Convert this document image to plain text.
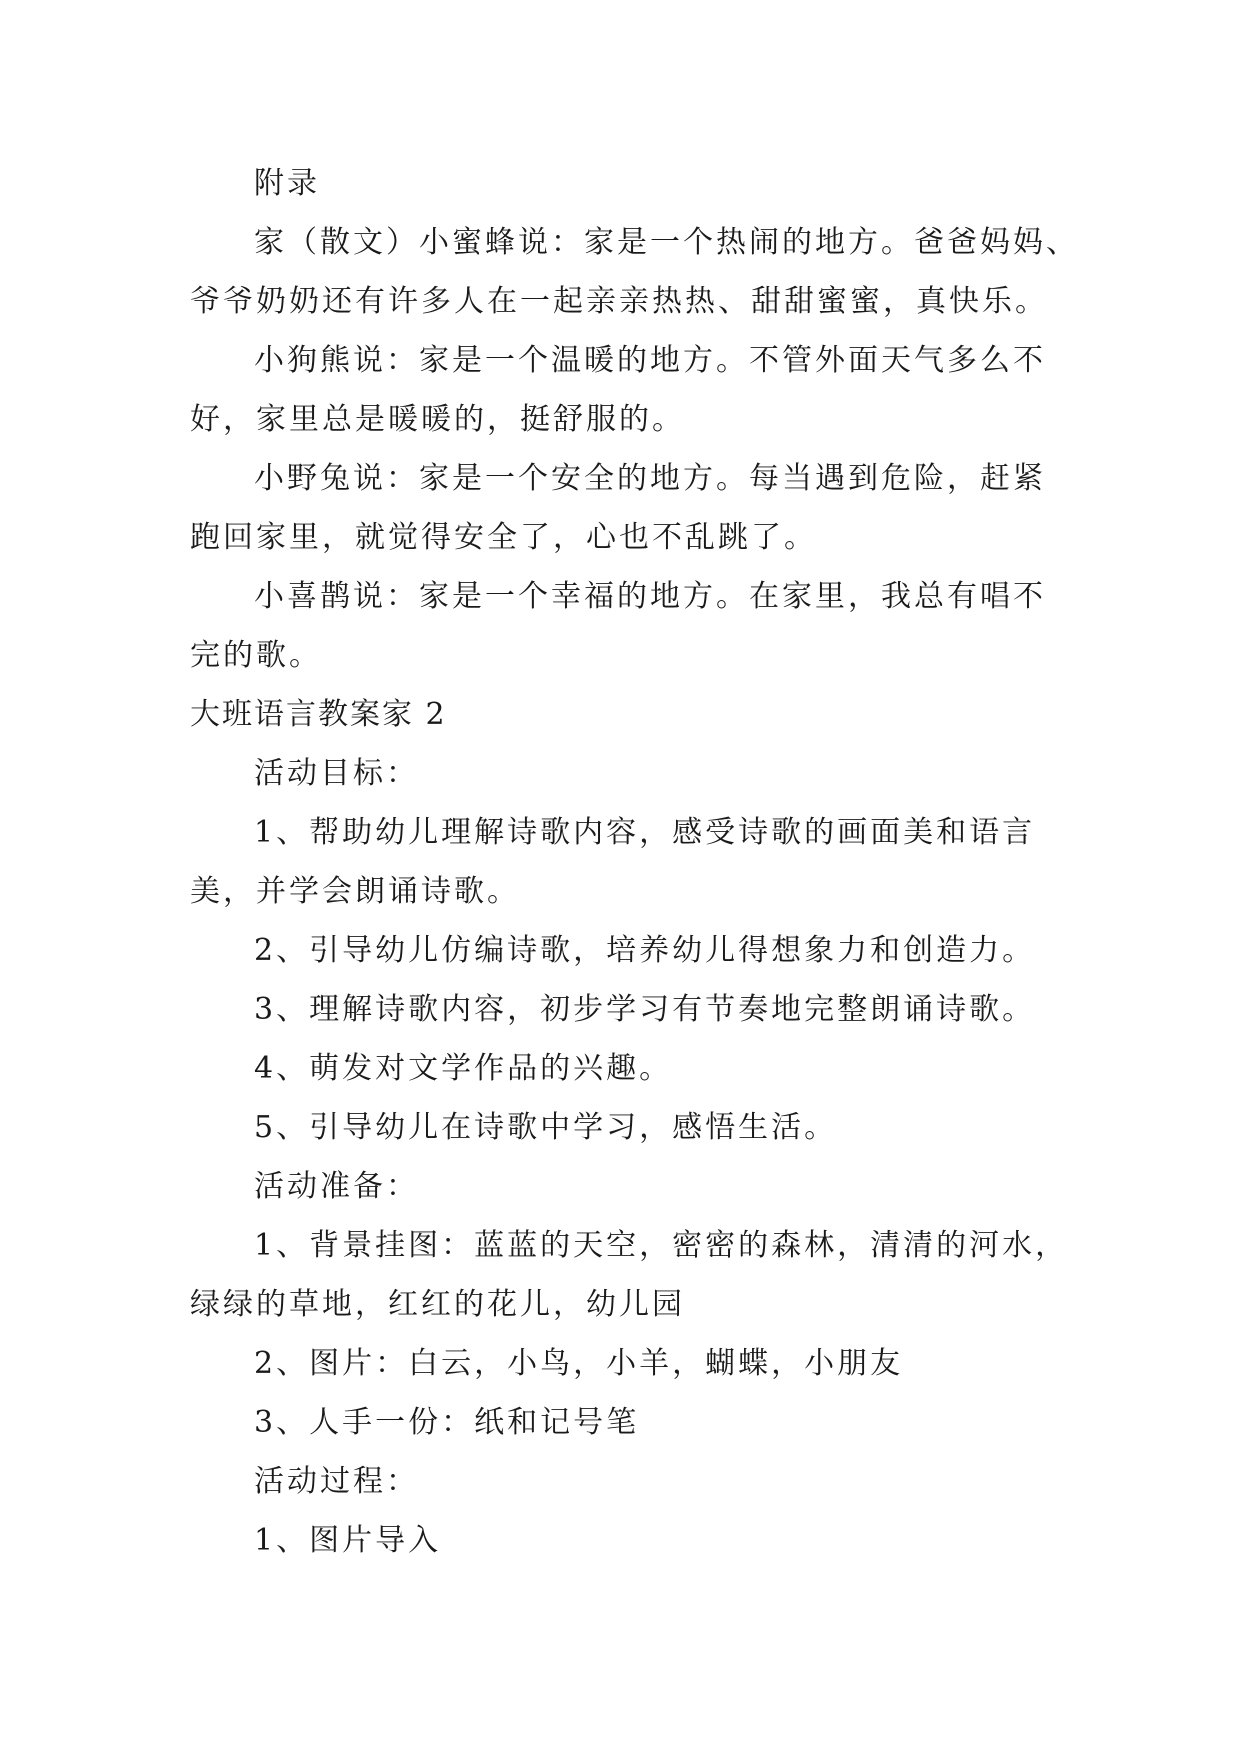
附录

家（散文）小蜜蜂说：家是一个热闹的地方。爸爸妈妈、

爷爷奶奶还有许多人在一起亲亲热热、甜甜蜜蜜，真快乐。

小狗熊说：家是一个温暖的地方。不管外面天气多么不

好，家里总是暖暖的，挺舒服的。

小野兔说：家是一个安全的地方。每当遇到危险，赶紧

跑回家里，就觉得安全了，心也不乱跳了。

小喜鹊说：家是一个幸福的地方。在家里，我总有唱不

完的歌。

大班语言教案家 2

活动目标：

1、帮助幼儿理解诗歌内容，感受诗歌的画面美和语言

美，并学会朗诵诗歌。

2、引导幼儿仿编诗歌，培养幼儿得想象力和创造力。

3、理解诗歌内容，初步学习有节奏地完整朗诵诗歌。

4、萌发对文学作品的兴趣。

5、引导幼儿在诗歌中学习，感悟生活。

活动准备：

1、背景挂图：蓝蓝的天空，密密的森林，清清的河水，

绿绿的草地，红红的花儿，幼儿园

2、图片：白云，小鸟，小羊，蝴蝶，小朋友

3、人手一份：纸和记号笔

活动过程：

1、图片导入
